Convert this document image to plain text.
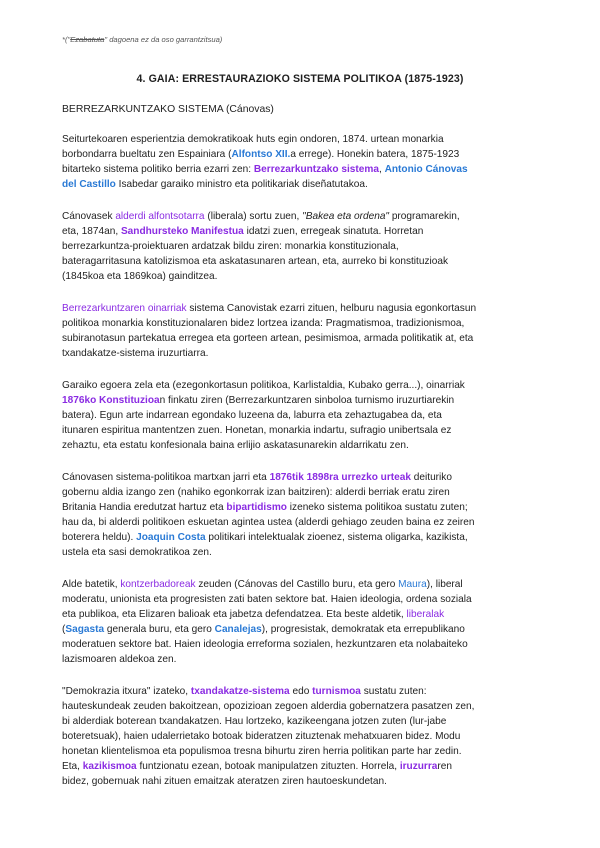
*("Ezabatuta" dagoena ez da oso garrantzitsua)
4. GAIA: ERRESTAURAZIOKO SISTEMA POLITIKOA (1875-1923)
BERREZARKUNTZAKO SISTEMA (Cánovas)

Seiturtekoaren esperientzia demokratikoak huts egin ondoren, 1874. urtean monarkia
borbondarra bueltatu zen Espainiara (Alfontso XII.a errege). Honekin batera, 1875-1923
bitarteko sistema politiko berria ezarri zen: Berrezarkuntzako sistema, Antonio Cánovas
del Castillo Isabedar garaiko ministro eta politikariak diseñatutakoa.

Cánovasek alderdi alfontsotarra (liberala) sortu zuen, "Bakea eta ordena" programarekin,
eta, 1874an, Sandhursteko Manifestua idatzi zuen, erregeak sinatuta. Horretan
berrezarkuntza-proiektuaren ardatzak bildu ziren: monarkia konstituzionala,
bateragarritasuna katolizismoa eta askatasunaren artean, eta, aurreko bi konstituzioak
(1845koa eta 1869koa) gainditzea.

Berrezarkuntzaren oinarriak sistema Canovistak ezarri zituen, helburu nagusia egonkortasun
politikoa monarkia konstituzionalaren bidez lortzea izanda: Pragmatismoa, tradizionismoa,
subiranotasun partekatua erregea eta gorteen artean, pesimismoa, armada politikatik at, eta
txandakatze-sistema iruzurtiarra.

Garaiko egoera zela eta (ezegonkortasun politikoa, Karlistaldia, Kubako gerra...), oinarriak
1876ko Konstituzioan finkatu ziren (Berrezarkuntzaren sinboloa turnismo iruzurtiarekin
batera). Egun arte indarrean egondako luzeena da, laburra eta zehaztugabea da, eta
itunaren espiritua mantentzen zuen. Honetan, monarkia indartu, sufragio unibertsala ez
zehaztu, eta estatu konfesionala baina erlijio askatasunarekin aldarrikatu zen.

Cánovasen sistema-politikoa martxan jarri eta 1876tik 1898ra urrezko urteak deituriko
gobernu aldia izango zen (nahiko egonkorrak izan baitziren): alderdi berriak eratu ziren
Britania Handia eredutzat hartuz eta bipartidismo izeneko sistema politikoa sustatu zuten;
hau da, bi alderdi politikoen eskuetan agintea ustea (alderdi gehiago zeuden baina ez zeiren
boterera heldu). Joaquin Costa politikari intelektualak zioenez, sistema oligarka, kazikista,
ustela eta sasi demokratikoa zen.

Alde batetik, kontzerbadoreak zeuden (Cánovas del Castillo buru, eta gero Maura), liberal
moderatu, unionista eta progresisten zati baten sektore bat. Haien ideologia, ordena soziala
eta publikoa, eta Elizaren balioak eta jabetza defendatzea. Eta beste aldetik, liberalak
(Sagasta generala buru, eta gero Canalejas), progresistak, demokratak eta errepublikano
moderatuen sektore bat. Haien ideologia erreforma sozialen, hezkuntzaren eta nolabaiteko
lazismoaren aldekoa zen.

"Demokrazia itxura" izateko, txandakatze-sistema edo turnismoa sustatu zuten:
hauteskundeak zeuden bakoitzean, opozizioan zegoen alderdia gobernatzera pasatzen zen,
bi alderdiak boterean txandakatzen. Hau lortzeko, kazikeengana jotzen zuten (lur-jabe
boteretsuak), haien udalerrietako botoak bideratzen zituztenak mehatxuaren bidez. Modu
honetan klientelismoa eta populismoa tresna bihurtu ziren herria politikan parte har zedin.
Eta, kazikismoa funtzionatu ezean, botoak manipulatzen zituzten. Horrela, iruzurraren
bidez, gobernuak nahi zituen emaitzak ateratzen ziren hautoeskundetan.
